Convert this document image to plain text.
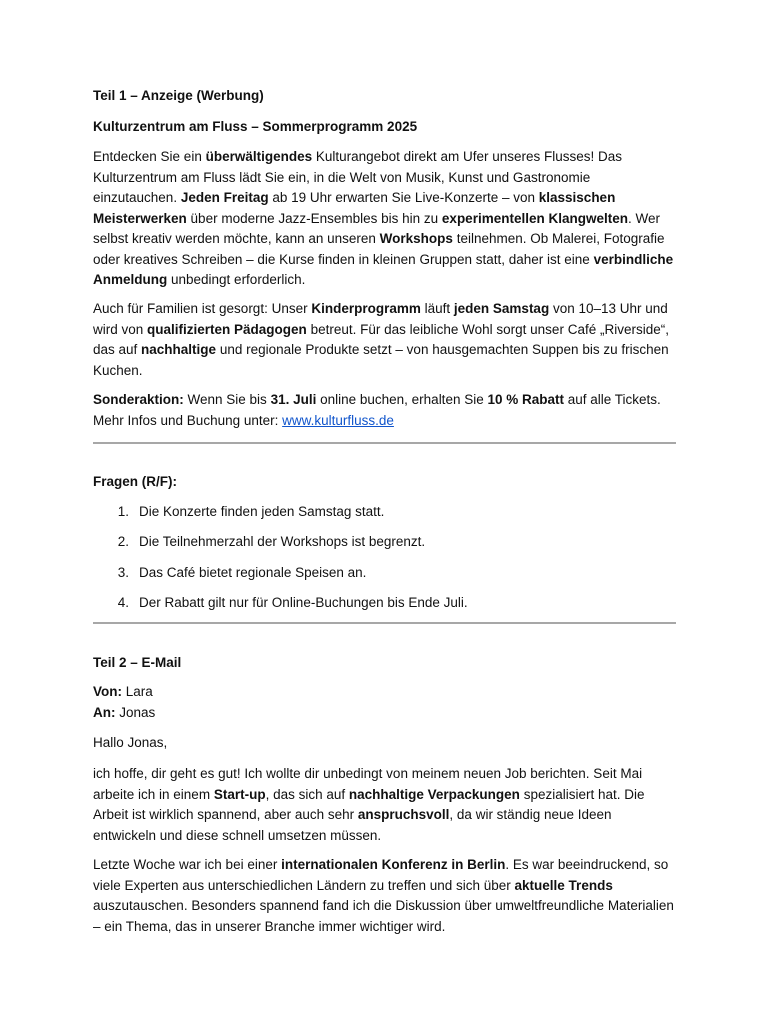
Teil 1 – Anzeige (Werbung)
Kulturzentrum am Fluss – Sommerprogramm 2025
Entdecken Sie ein überwältigendes Kulturangebot direkt am Ufer unseres Flusses! Das Kulturzentrum am Fluss lädt Sie ein, in die Welt von Musik, Kunst und Gastronomie einzutauchen. Jeden Freitag ab 19 Uhr erwarten Sie Live-Konzerte – von klassischen Meisterwerken über moderne Jazz-Ensembles bis hin zu experimentellen Klangwelten. Wer selbst kreativ werden möchte, kann an unseren Workshops teilnehmen. Ob Malerei, Fotografie oder kreatives Schreiben – die Kurse finden in kleinen Gruppen statt, daher ist eine verbindliche Anmeldung unbedingt erforderlich.
Auch für Familien ist gesorgt: Unser Kinderprogramm läuft jeden Samstag von 10–13 Uhr und wird von qualifizierten Pädagogen betreut. Für das leibliche Wohl sorgt unser Café „Riverside“, das auf nachhaltige und regionale Produkte setzt – von hausgemachten Suppen bis zu frischen Kuchen.
Sonderaktion: Wenn Sie bis 31. Juli online buchen, erhalten Sie 10 % Rabatt auf alle Tickets. Mehr Infos und Buchung unter: www.kulturfluss.de
Fragen (R/F):
1. Die Konzerte finden jeden Samstag statt.
2. Die Teilnehmerzahl der Workshops ist begrenzt.
3. Das Café bietet regionale Speisen an.
4. Der Rabatt gilt nur für Online-Buchungen bis Ende Juli.
Teil 2 – E-Mail
Von: Lara
An: Jonas
Hallo Jonas,
ich hoffe, dir geht es gut! Ich wollte dir unbedingt von meinem neuen Job berichten. Seit Mai arbeite ich in einem Start-up, das sich auf nachhaltige Verpackungen spezialisiert hat. Die Arbeit ist wirklich spannend, aber auch sehr anspruchsvoll, da wir ständig neue Ideen entwickeln und diese schnell umsetzen müssen.
Letzte Woche war ich bei einer internationalen Konferenz in Berlin. Es war beeindruckend, so viele Experten aus unterschiedlichen Ländern zu treffen und sich über aktuelle Trends auszutauschen. Besonders spannend fand ich die Diskussion über umweltfreundliche Materialien – ein Thema, das in unserer Branche immer wichtiger wird.
